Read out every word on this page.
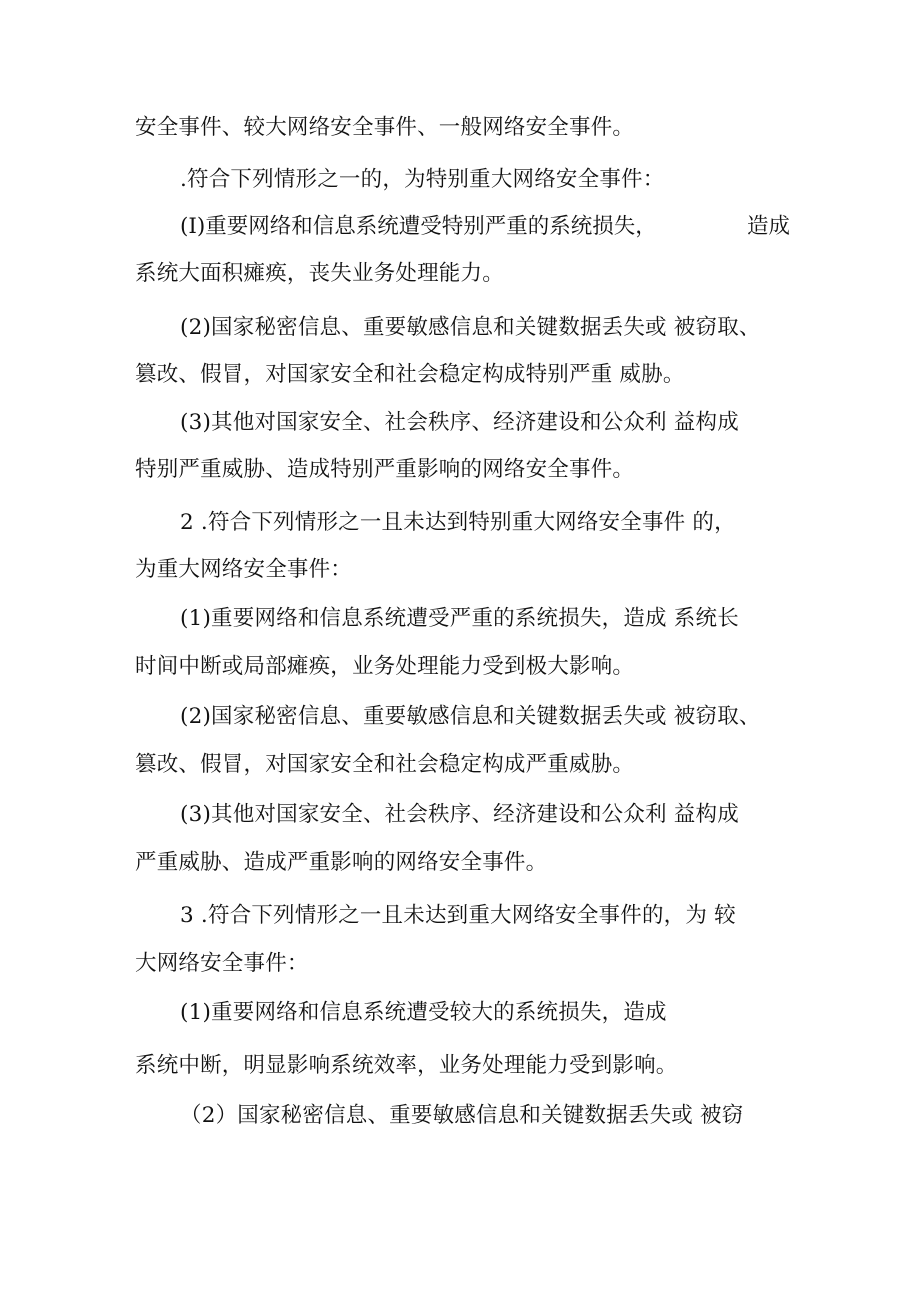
安全事件、较大网络安全事件、一般网络安全事件。
.符合下列情形之一的，为特别重大网络安全事件：
(I)重要网络和信息系统遭受特别严重的系统损失，	造成
系统大面积瘫痪，丧失业务处理能力。
(2)国家秘密信息、重要敏感信息和关键数据丢失或 被窃取、
篡改、假冒，对国家安全和社会稳定构成特别严重 威胁。
(3)其他对国家安全、社会秩序、经济建设和公众利 益构成
特别严重威胁、造成特别严重影响的网络安全事件。
2 .符合下列情形之一且未达到特别重大网络安全事件 的，
为重大网络安全事件：
(1)重要网络和信息系统遭受严重的系统损失，造成 系统长
时间中断或局部瘫痪，业务处理能力受到极大影响。
(2)国家秘密信息、重要敏感信息和关键数据丢失或 被窃取、
篡改、假冒，对国家安全和社会稳定构成严重威胁。
(3)其他对国家安全、社会秩序、经济建设和公众利 益构成
严重威胁、造成严重影响的网络安全事件。
3 .符合下列情形之一且未达到重大网络安全事件的，为 较
大网络安全事件：
(1)重要网络和信息系统遭受较大的系统损失，造成
系统中断，明显影响系统效率，业务处理能力受到影响。
（2）国家秘密信息、重要敏感信息和关键数据丢失或 被窃
